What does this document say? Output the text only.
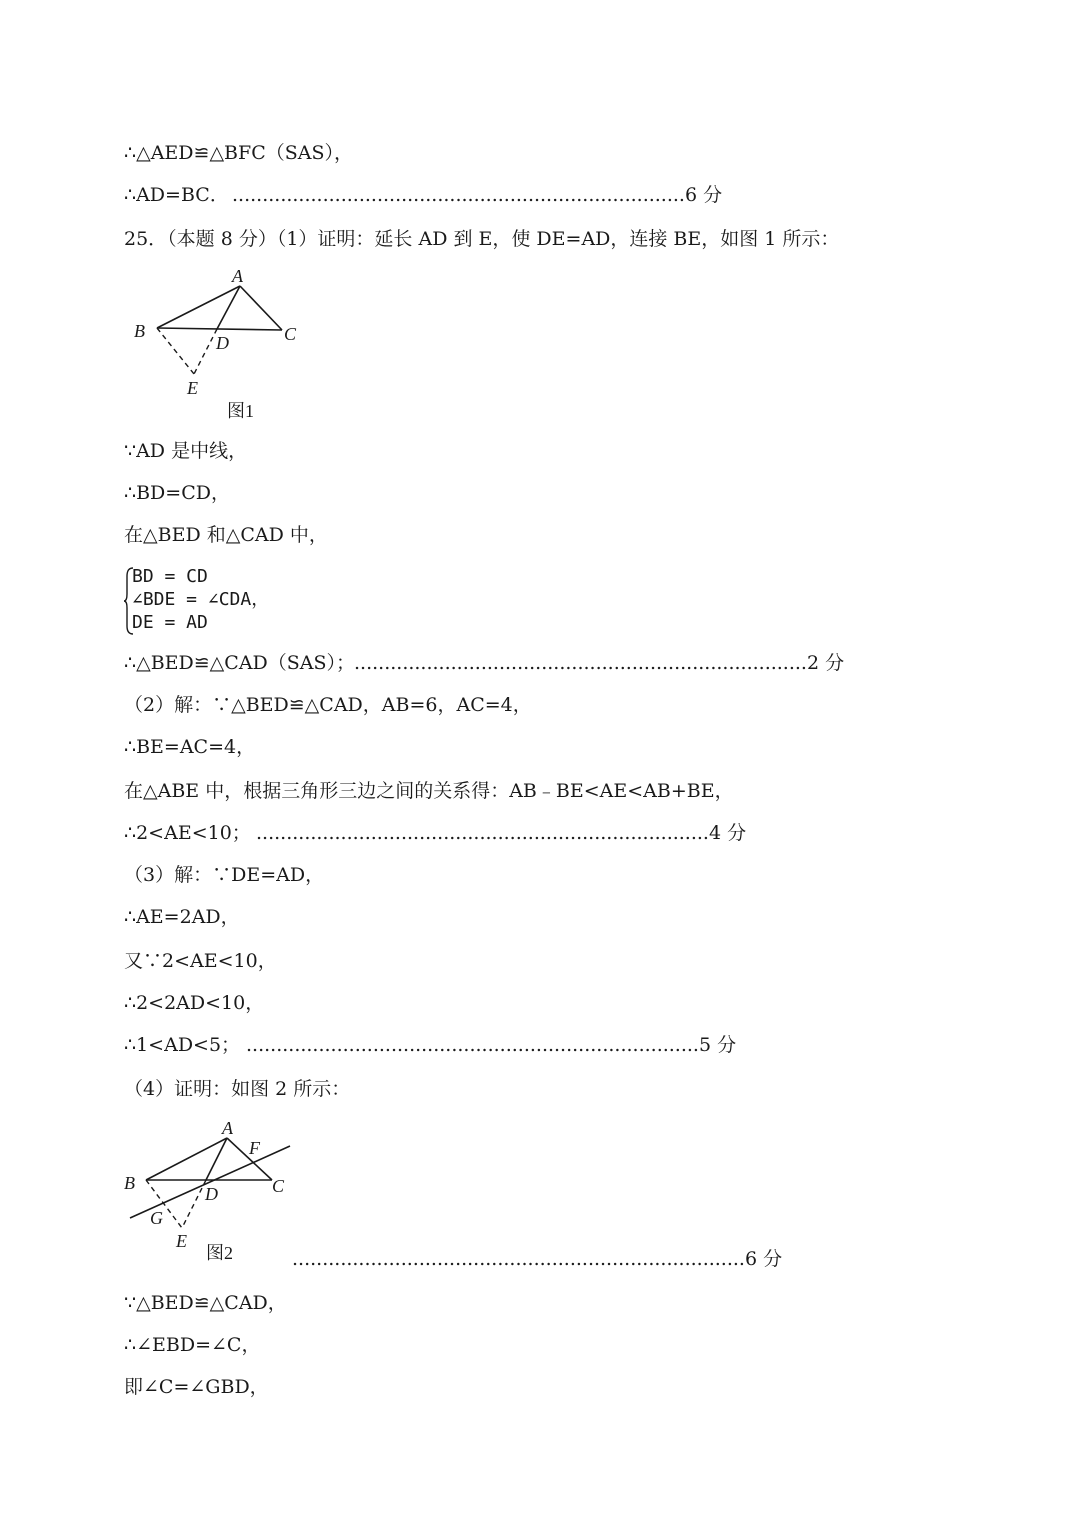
∴△AED≌△BFC（SAS），
∴AD=BC． ...........................................................................6 分
25．（本题 8 分）（1）证明：延长 AD 到 E，使 DE=AD，连接 BE，如图 1 所示：
A
B	C
D
E
图1
∵AD 是中线，
∴BD=CD，
在△BED 和△CAD 中，
BD = CD
∠BDE = ∠CDA，
DE = AD
∴△BED≌△CAD（SAS）；
...........................................................................2 分
（2）解：∵△BED≌△CAD，AB=6，AC=4，
∴BE=AC=4，
在△ABE 中，根据三角形三边之间的关系得：AB﹣BE<AE<AB+BE，
∴2<AE<10； ...........................................................................4 分
（3）解：∵DE=AD，
∴AE=2AD，
又∵2<AE<10，
∴2<2AD<10，
∴1<AD<5； ...........................................................................5 分
（4）证明：如图 2 所示：
A
F
B	C
D
G
E
图2	...........................................................................6 分
∵△BED≌△CAD，
∴∠EBD=∠C，
即∠C=∠GBD，
